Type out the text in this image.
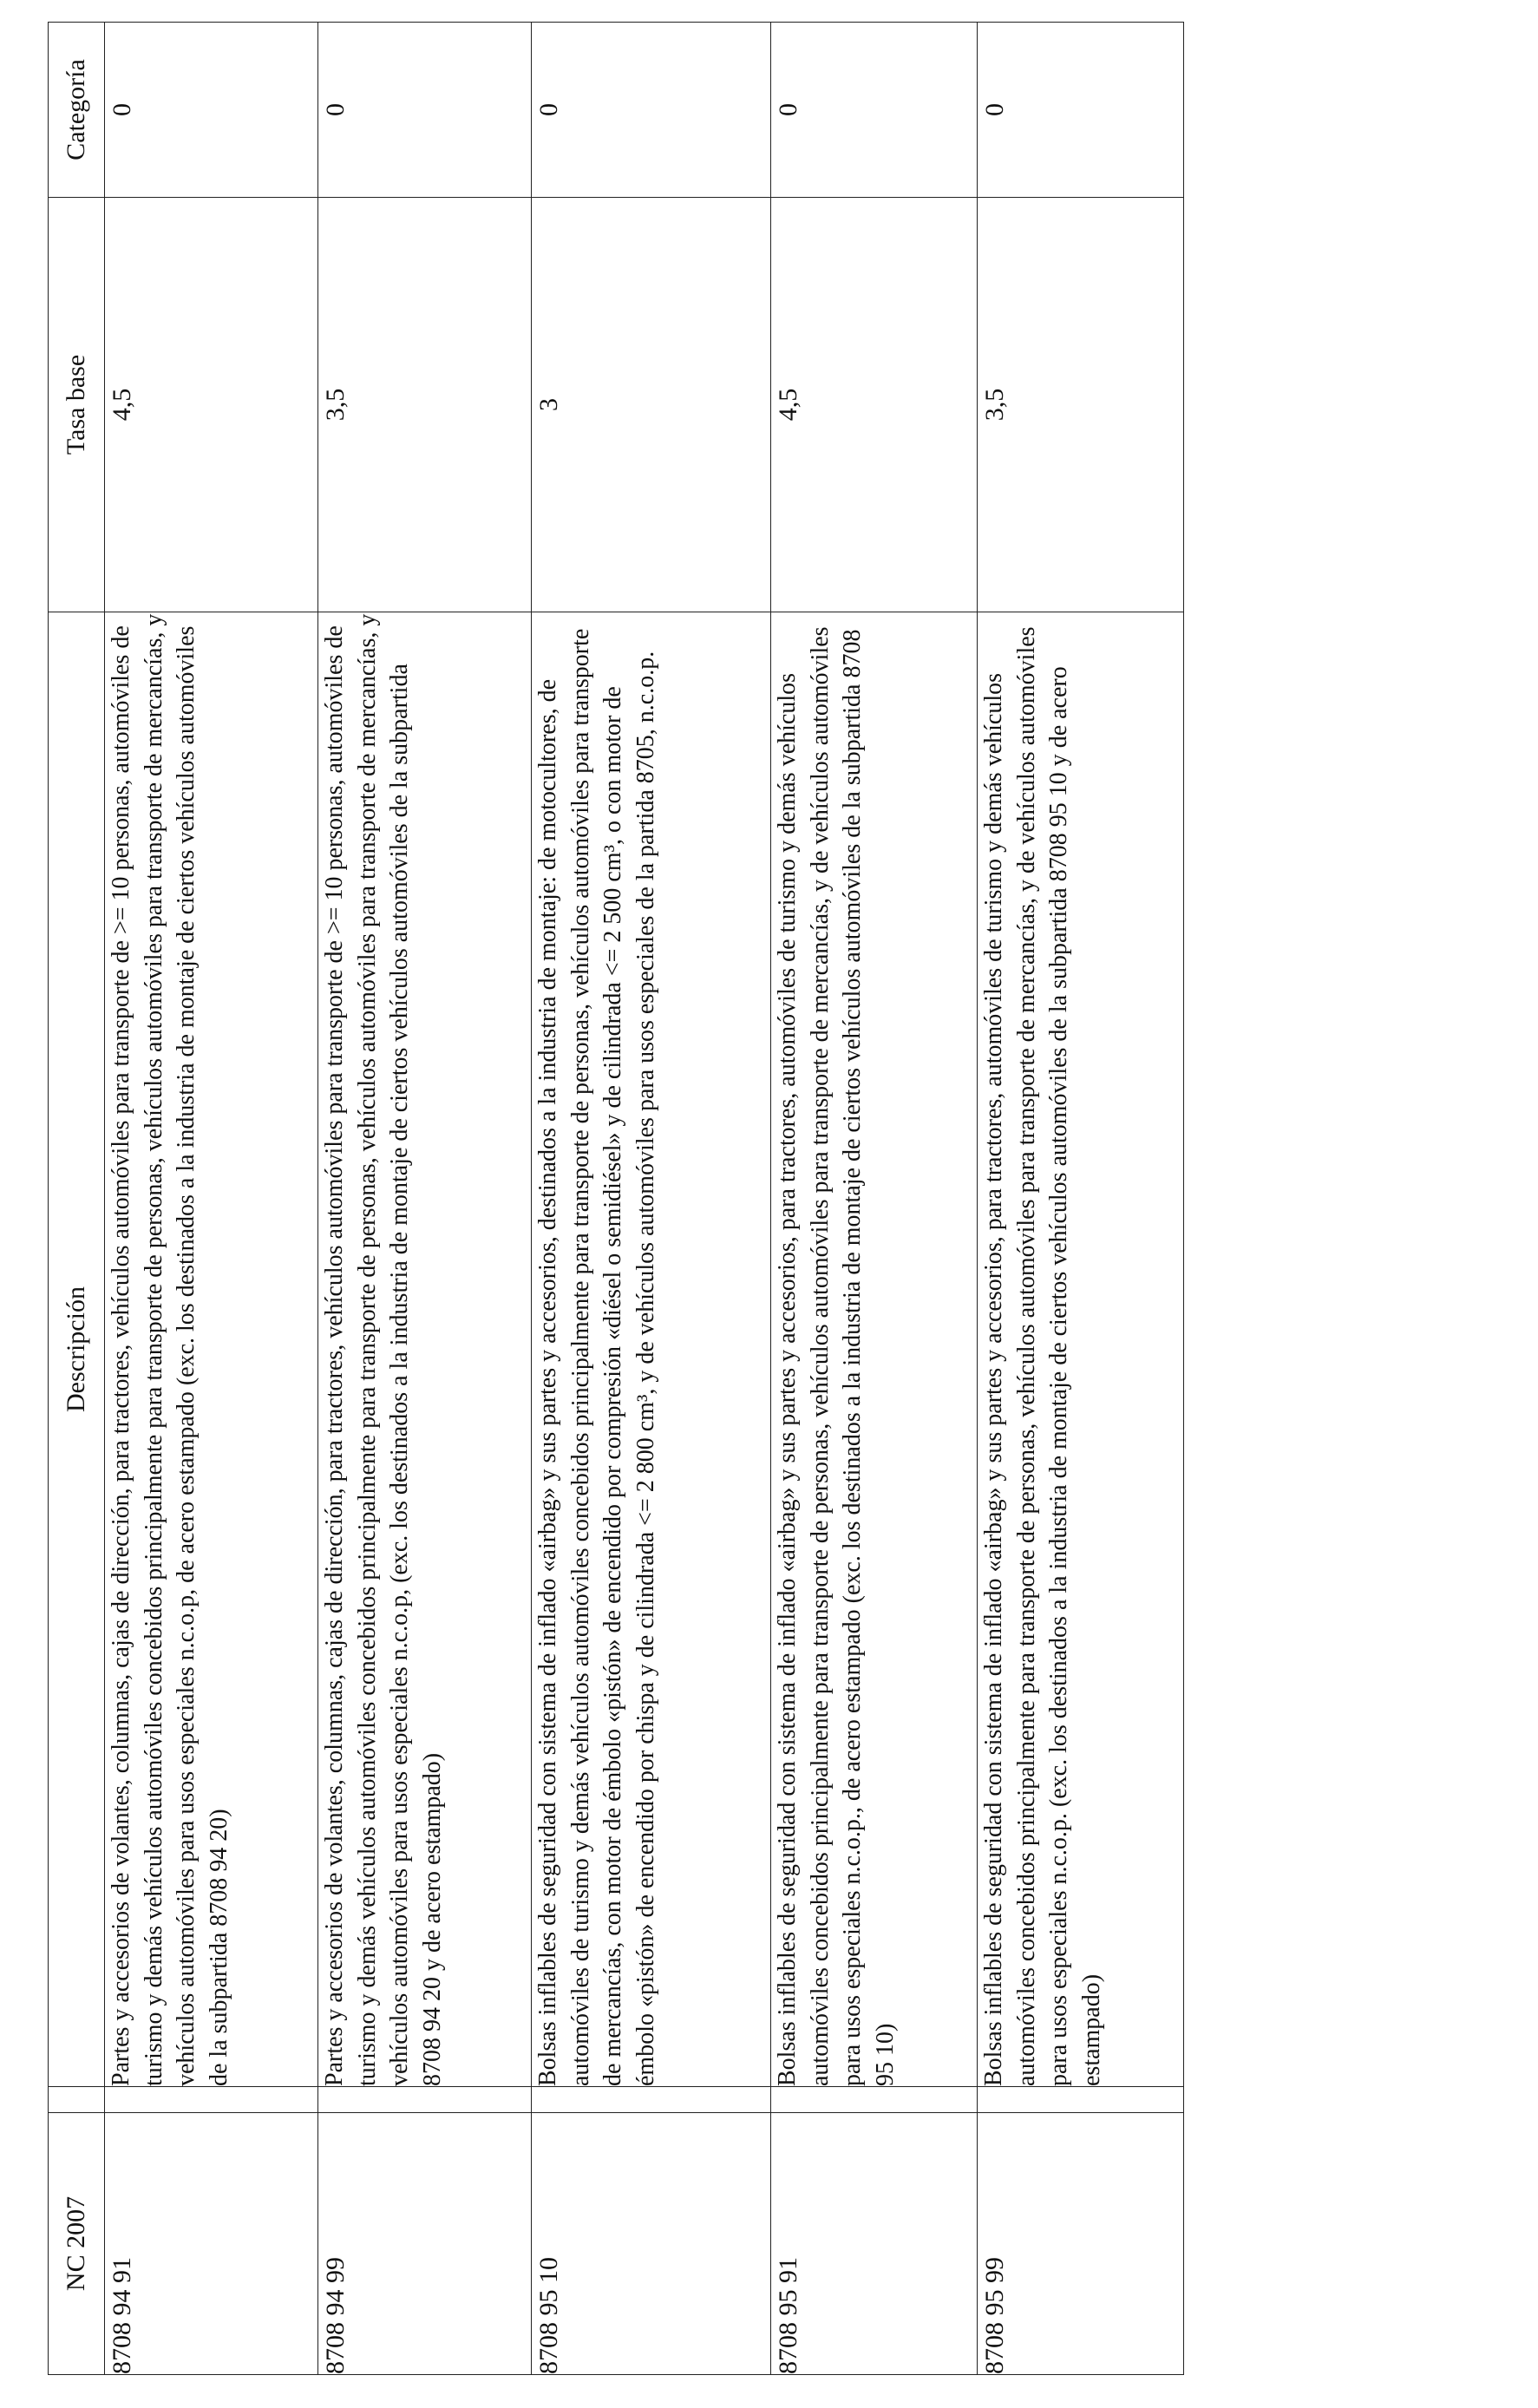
NC 2007		Descripción	Tasa base	Categoría
8708 94 91		Partes y accesorios de volantes, columnas, cajas de dirección, para tractores, vehículos automóviles para transporte de >= 10 personas, automóviles de turismo y demás vehículos automóviles concebidos principalmente para transporte de personas, vehículos automóviles para transporte de mercancías, y vehículos automóviles para usos especiales n.c.o.p, de acero estampado (exc. los destinados a la industria de montaje de ciertos vehículos automóviles de la subpartida 8708 94 20)	4,5	0
8708 94 99		Partes y accesorios de volantes, columnas, cajas de dirección, para tractores, vehículos automóviles para transporte de >= 10 personas, automóviles de turismo y demás vehículos automóviles concebidos principalmente para transporte de personas, vehículos automóviles para transporte de mercancías, y vehículos automóviles para usos especiales n.c.o.p, (exc. los destinados a la industria de montaje de ciertos vehículos automóviles de la subpartida 8708 94 20 y de acero estampado)	3,5	0
8708 95 10		Bolsas inflables de seguridad con sistema de inflado «airbag» y sus partes y accesorios, destinados a la industria de montaje: de motocultores, de automóviles de turismo y demás vehículos automóviles concebidos principalmente para transporte de personas, vehículos automóviles para transporte de mercancías, con motor de émbolo «pistón» de encendido por compresión «diésel o semidiésel» y de cilindrada <= 2 500 cm³, o con motor de émbolo «pistón» de encendido por chispa y de cilindrada <= 2 800 cm³, y de vehículos automóviles para usos especiales de la partida 8705, n.c.o.p.	3	0
8708 95 91		Bolsas inflables de seguridad con sistema de inflado «airbag» y sus partes y accesorios, para tractores, automóviles de turismo y demás vehículos automóviles concebidos principalmente para transporte de personas, vehículos automóviles para transporte de mercancías, y de vehículos automóviles para usos especiales n.c.o.p., de acero estampado (exc. los destinados a la industria de montaje de ciertos vehículos automóviles de la subpartida 8708 95 10)	4,5	0
8708 95 99		Bolsas inflables de seguridad con sistema de inflado «airbag» y sus partes y accesorios, para tractores, automóviles de turismo y demás vehículos automóviles concebidos principalmente para transporte de personas, vehículos automóviles para transporte de mercancías, y de vehículos automóviles para usos especiales n.c.o.p. (exc. los destinados a la industria de montaje de ciertos vehículos automóviles de la subpartida 8708 95 10 y de acero estampado)	3,5	0
